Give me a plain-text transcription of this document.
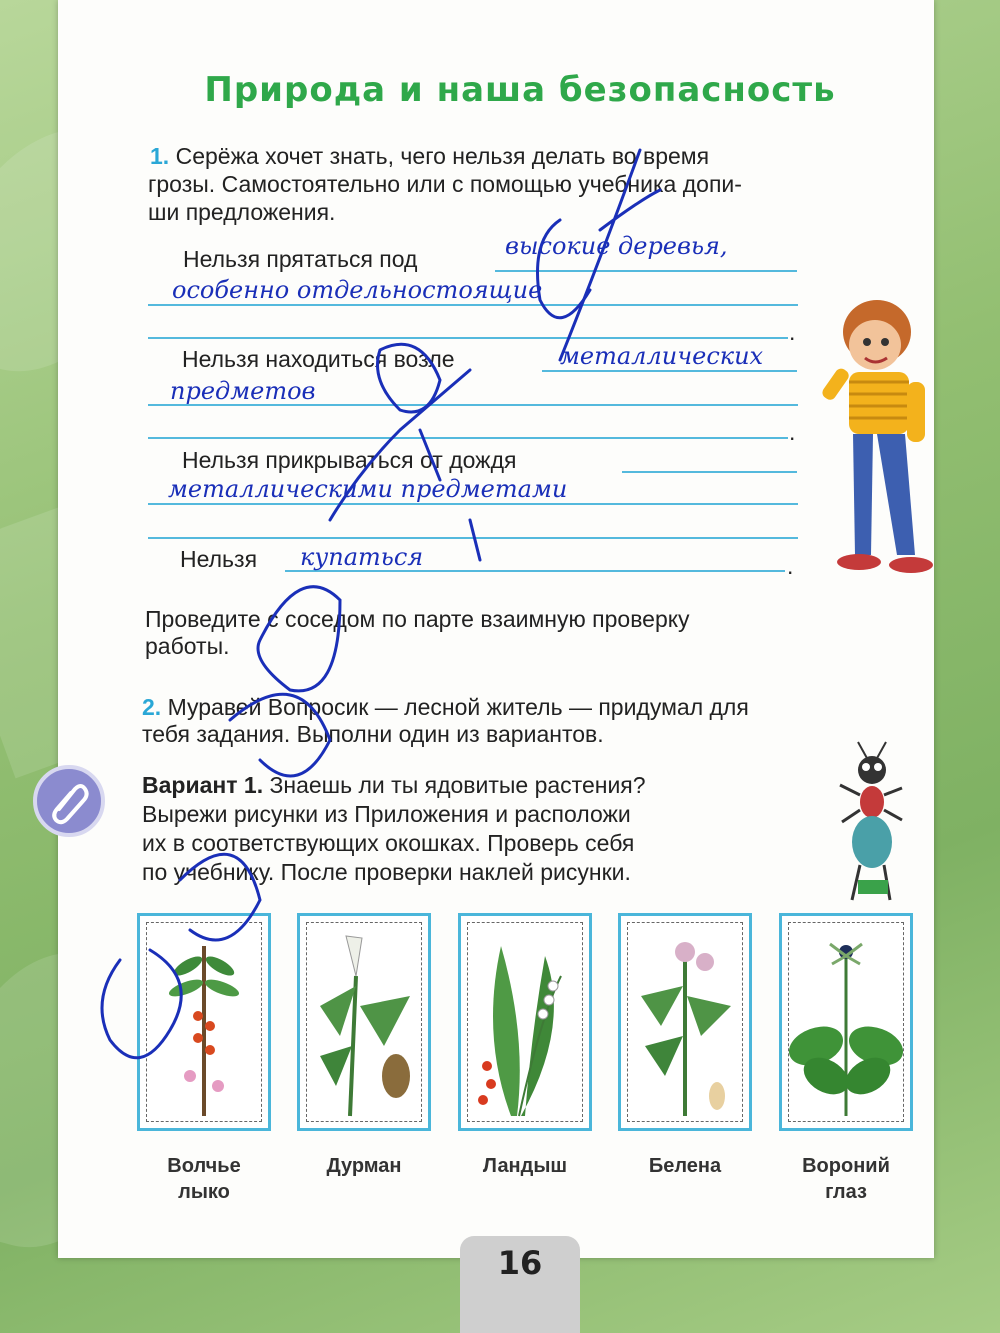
Природа и наша безопасность
1. Серёжа хочет знать, чего нельзя делать во время
грозы. Самостоятельно или с помощью учебника допи-
ши предложения.
Нельзя прятаться под
.
высокие деревья,
особенно отдельностоящие
Нельзя находиться возле
.
металлических
предметов
Нельзя прикрываться от дождя
металлическими предметами
Нельзя	.
купаться
Проведите с соседом по парте взаимную проверку
работы.
2. Муравей Вопросик — лесной житель — придумал для
тебя задания. Выполни один из вариантов.
Вариант 1. Знаешь ли ты ядовитые растения?
Вырежи рисунки из Приложения и расположи
их в соответствующих окошках. Проверь себя
по учебнику. После проверки наклей рисунки.
Волчье
лыко
Дурман	Ландыш	Белена	Вороний
глаз
16
